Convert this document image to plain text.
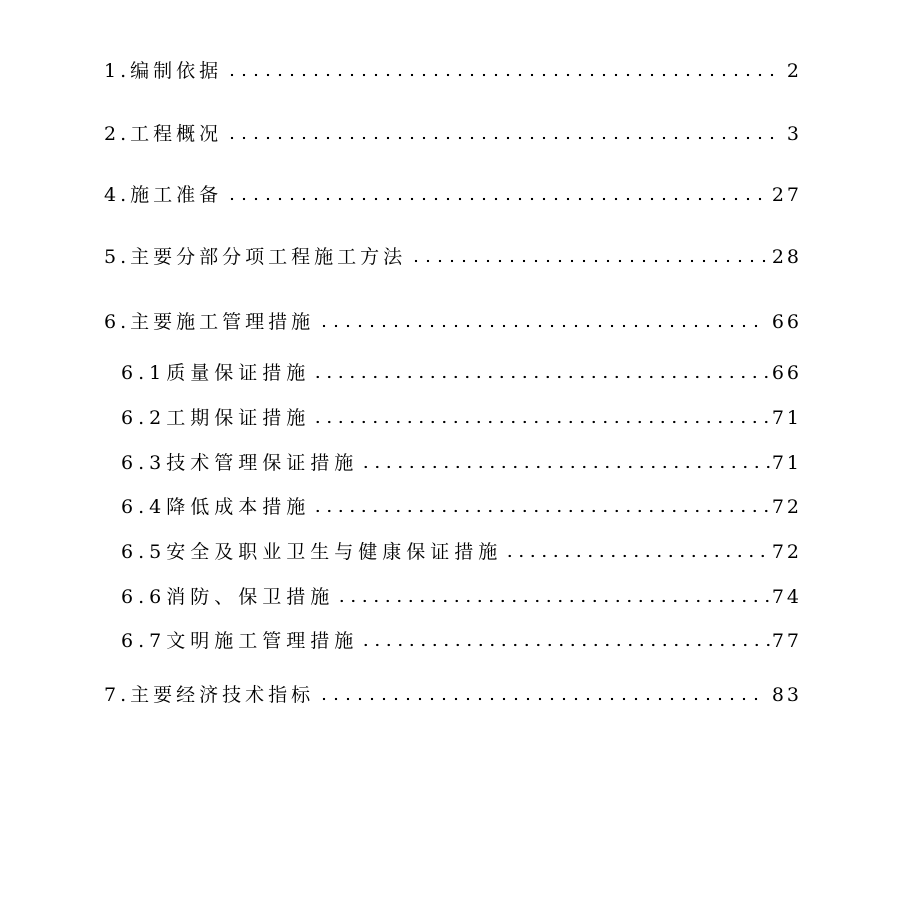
1. 编制依据	2
2. 工程概况	3
4. 施工准备	27
5. 主要分部分项工程施工方法	28
6. 主要施工管理措施	66
6.1 质量保证措施	66
6.2 工期保证措施	71
6.3 技术管理保证措施	71
6.4 降低成本措施	72
6.5 安全及职业卫生与健康保证措施	72
6.6 消防、保卫措施	74
6.7 文明施工管理措施	77
7. 主要经济技术指标	83
